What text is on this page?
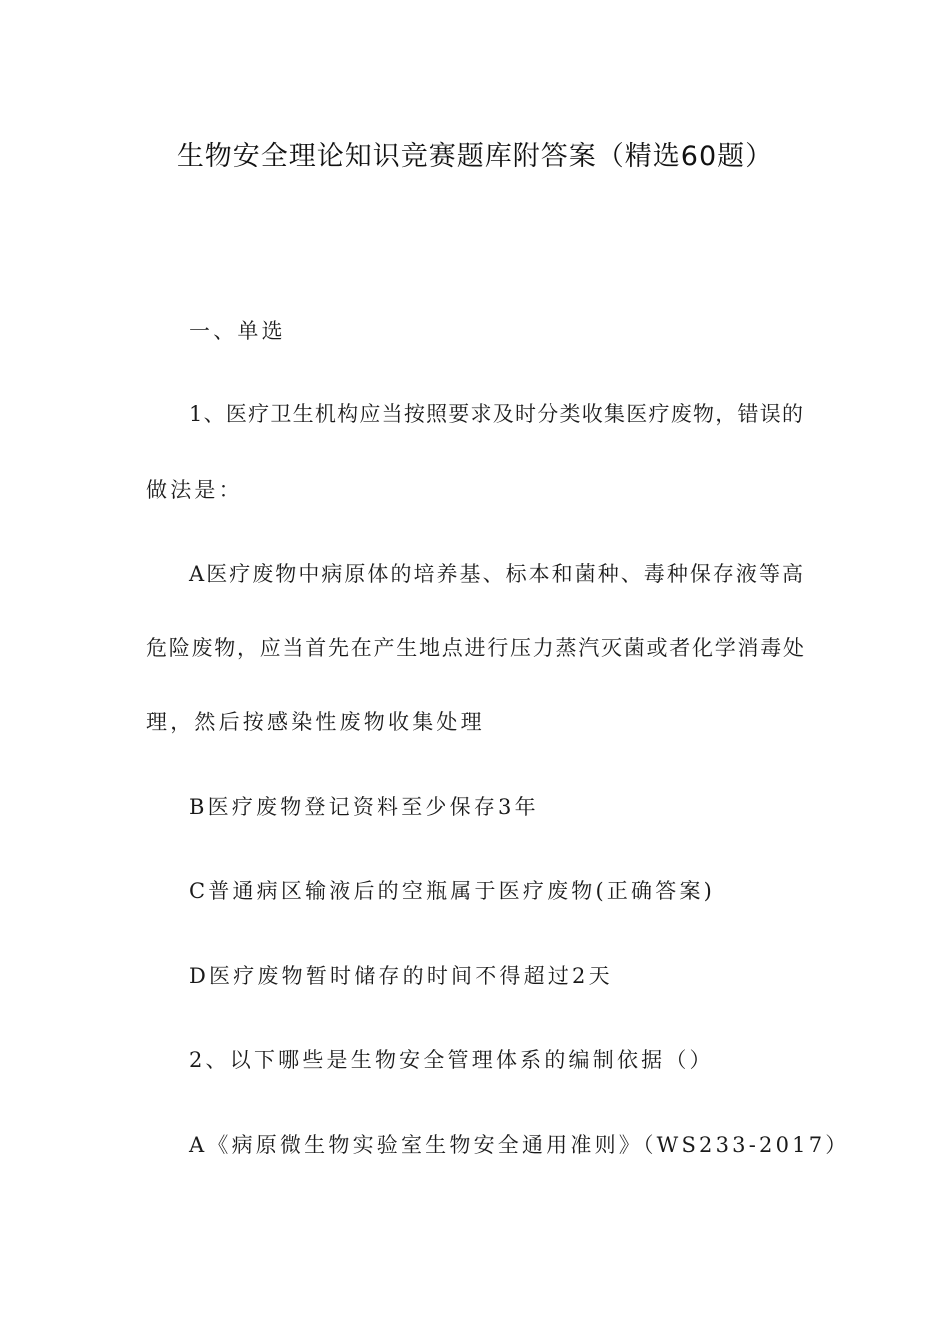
生物安全理论知识竞赛题库附答案（精选60题）
一、单选
1、医疗卫生机构应当按照要求及时分类收集医疗废物，错误的
做法是：
A医疗废物中病原体的培养基、标本和菌种、毒种保存液等高
危险废物，应当首先在产生地点进行压力蒸汽灭菌或者化学消毒处
理，然后按感染性废物收集处理
B医疗废物登记资料至少保存3年
C普通病区输液后的空瓶属于医疗废物(正确答案)
D医疗废物暂时储存的时间不得超过2天
2、以下哪些是生物安全管理体系的编制依据（）
A《病原微生物实验室生物安全通用准则》（WS233-2017）
